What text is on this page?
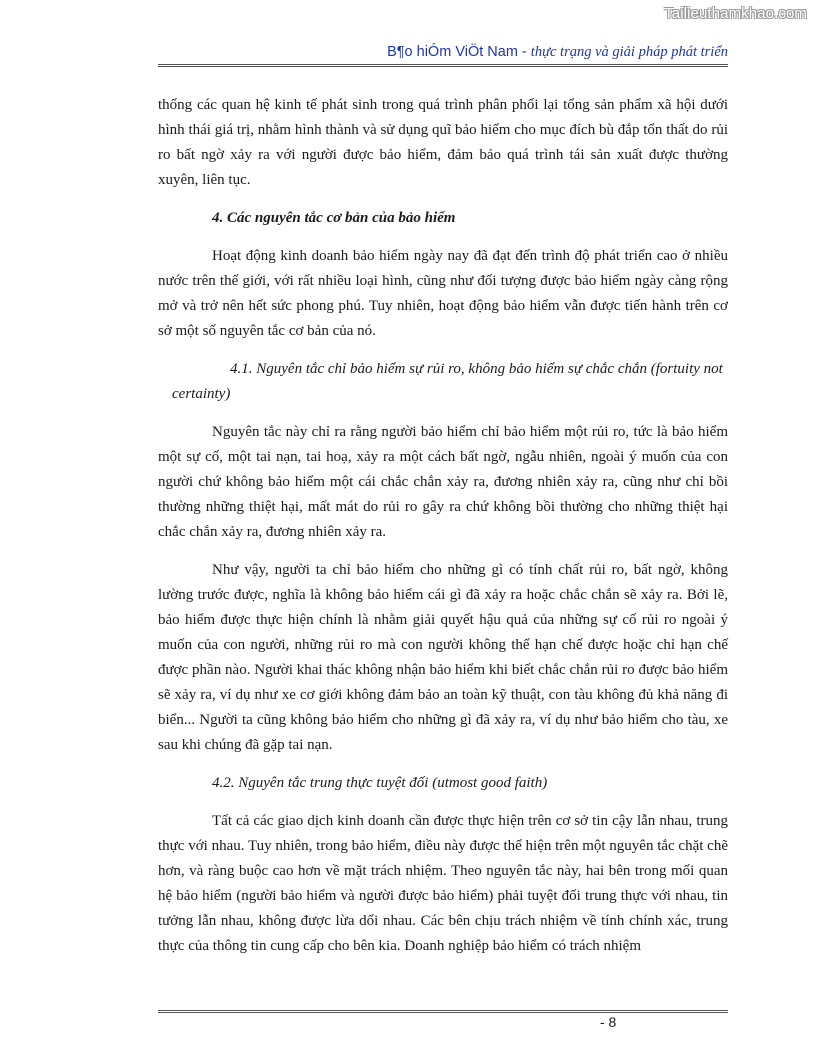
Tailieuthamkhao.com
B¶o hiÓm ViÖt Nam - thực trạng và giải pháp phát triển

thống các quan hệ kinh tế phát sinh trong quá trình phân phối lại tổng sản phẩm xã hội dưới hình thái giá trị, nhằm hình thành và sử dụng quĩ bảo hiểm cho mục đích bù đắp tổn thất do rủi ro bất ngờ xảy ra với người được bảo hiểm, đảm bảo quá trình tái sản xuất được thường xuyên, liên tục.

4. Các nguyên tắc cơ bản của bảo hiểm

Hoạt động kinh doanh bảo hiểm ngày nay đã đạt đến trình độ phát triển cao ở nhiều nước trên thế giới, với rất nhiều loại hình, cũng như đối tượng được bảo hiểm ngày càng rộng mở và trở nên hết sức phong phú. Tuy nhiên, hoạt động bảo hiểm vẫn được tiến hành trên cơ sở một số nguyên tắc cơ bản của nó.

4.1. Nguyên tắc chỉ bảo hiểm sự rủi ro, không bảo hiểm sự chắc chắn (fortuity not certainty)

Nguyên tắc này chỉ ra rằng người bảo hiểm chỉ bảo hiểm một rủi ro, tức là bảo hiểm một sự cố, một tai nạn, tai hoạ, xảy ra một cách bất ngờ, ngẫu nhiên, ngoài ý muốn của con người chứ không bảo hiểm một cái chắc chắn xảy ra, đương nhiên xảy ra, cũng như chỉ bồi thường những thiệt hại, mất mát do rủi ro gây ra chứ không bồi thường cho những thiệt hại chắc chắn xảy ra, đương nhiên xảy ra.

Như vậy, người ta chỉ bảo hiểm cho những gì có tính chất rủi ro, bất ngờ, không lường trước được, nghĩa là không bảo hiểm cái gì đã xảy ra hoặc chắc chắn sẽ xảy ra. Bởi lẽ, bảo hiểm được thực hiện chính là nhằm giải quyết hậu quả của những sự cố rủi ro ngoài ý muốn của con người, những rủi ro mà con người không thể hạn chế được hoặc chỉ hạn chế được phần nào. Người khai thác không nhận bảo hiểm khi biết chắc chắn rủi ro được bảo hiểm sẽ xảy ra, ví dụ như xe cơ giới không đảm bảo an toàn kỹ thuật, con tàu không đủ khả năng đi biển... Người ta cũng không bảo hiểm cho những gì đã xảy ra, ví dụ như bảo hiểm cho tàu, xe sau khi chúng đã gặp tai nạn.

4.2. Nguyên tắc trung thực tuyệt đối (utmost good faith)

Tất cả các giao dịch kinh doanh cần được thực hiện trên cơ sở tin cậy lẫn nhau, trung thực với nhau. Tuy nhiên, trong bảo hiểm, điều này được thể hiện trên một nguyên tắc chặt chẽ hơn, và ràng buộc cao hơn về mặt trách nhiệm. Theo nguyên tắc này, hai bên trong mối quan hệ bảo hiểm (người bảo hiểm và người được bảo hiểm) phải tuyệt đối trung thực với nhau, tin tưởng lẫn nhau, không được lừa dối nhau. Các bên chịu trách nhiệm về tính chính xác, trung thực của thông tin cung cấp cho bên kia. Doanh nghiệp bảo hiểm có trách nhiệm

- 8
